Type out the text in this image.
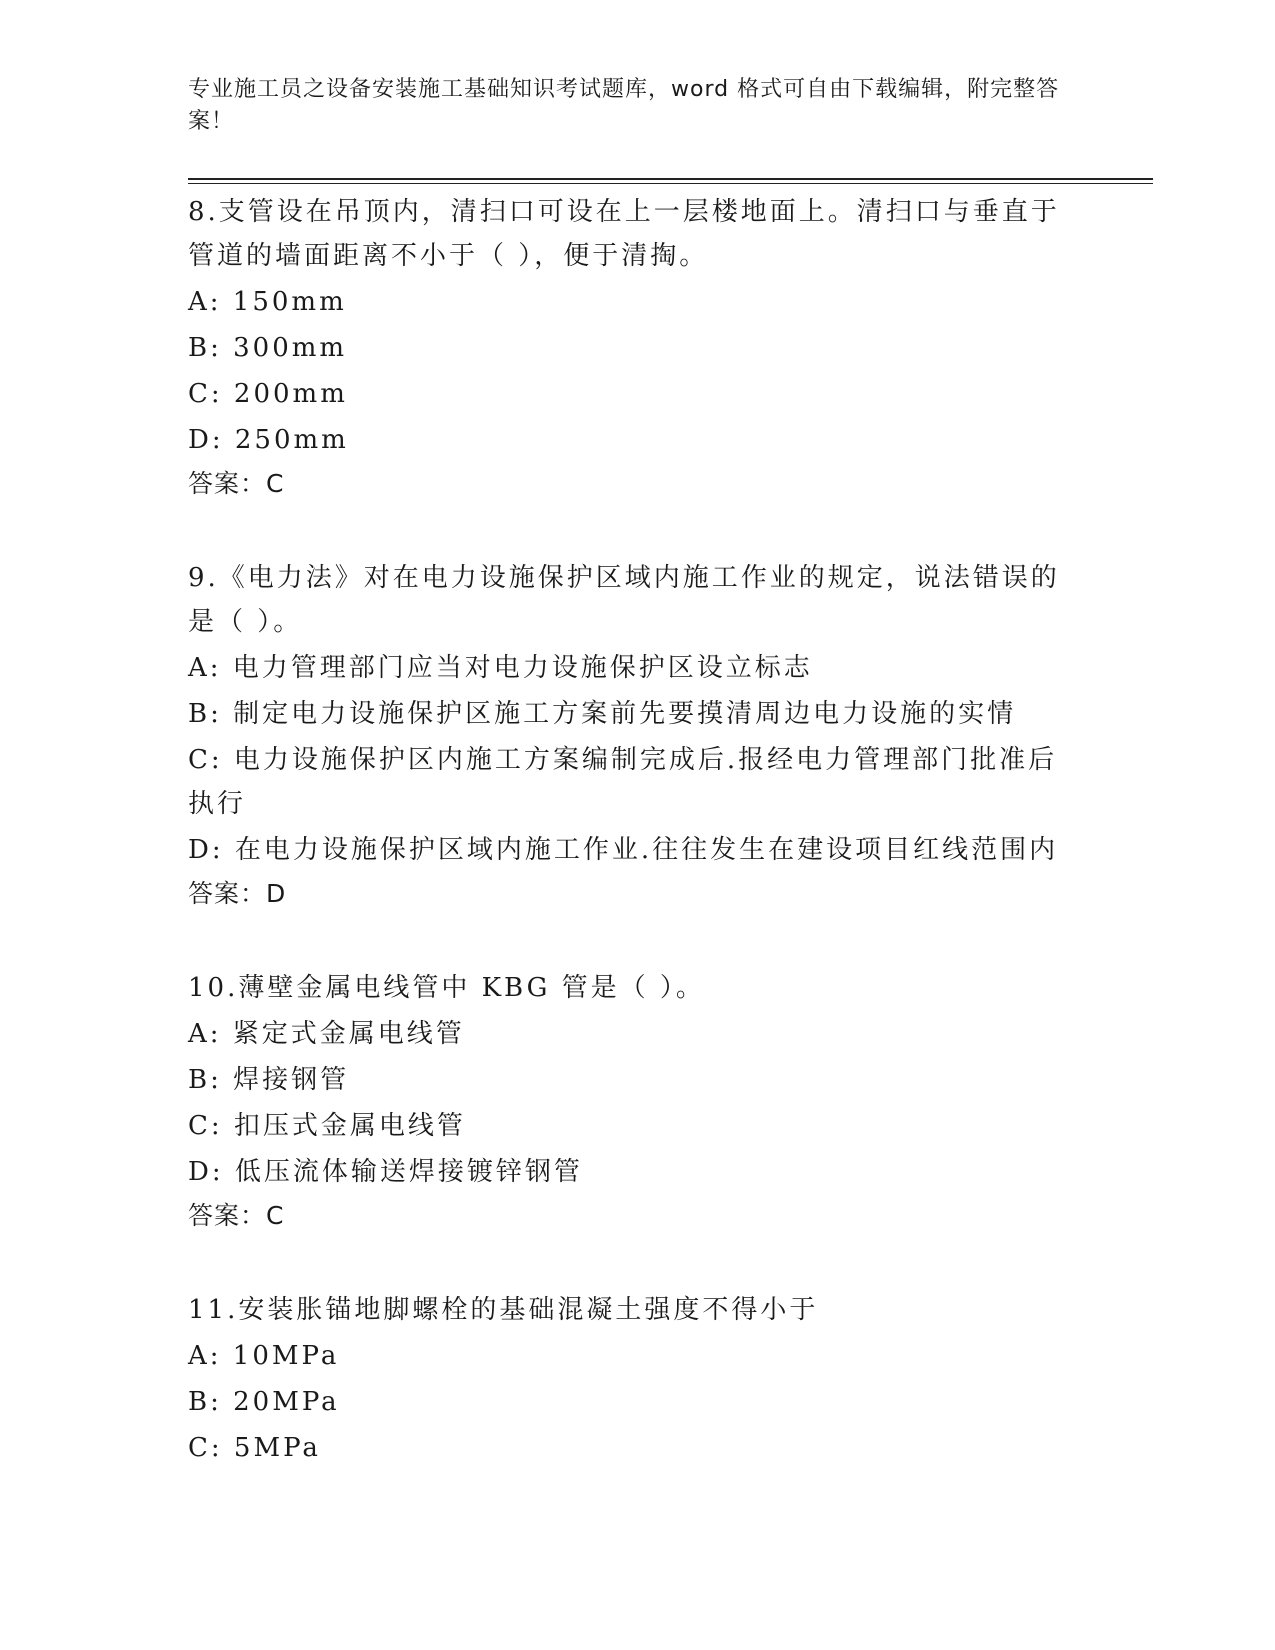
专业施工员之设备安装施工基础知识考试题库，word 格式可自由下载编辑，附完整答案！

8.支管设在吊顶内，清扫口可设在上一层楼地面上。清扫口与垂直于管道的墙面距离不小于（ ），便于清掏。

A: 150mm

B: 300mm

C: 200mm

D: 250mm

答案：C

9.《电力法》对在电力设施保护区域内施工作业的规定，说法错误的是（ ）。

A: 电力管理部门应当对电力设施保护区设立标志

B: 制定电力设施保护区施工方案前先要摸清周边电力设施的实情

C: 电力设施保护区内施工方案编制完成后.报经电力管理部门批准后执行

D: 在电力设施保护区域内施工作业.往往发生在建设项目红线范围内

答案：D

10.薄壁金属电线管中 KBG 管是（ ）。

A: 紧定式金属电线管

B: 焊接钢管

C: 扣压式金属电线管

D: 低压流体输送焊接镀锌钢管

答案：C

11.安装胀锚地脚螺栓的基础混凝土强度不得小于

A: 10MPa

B: 20MPa

C: 5MPa
